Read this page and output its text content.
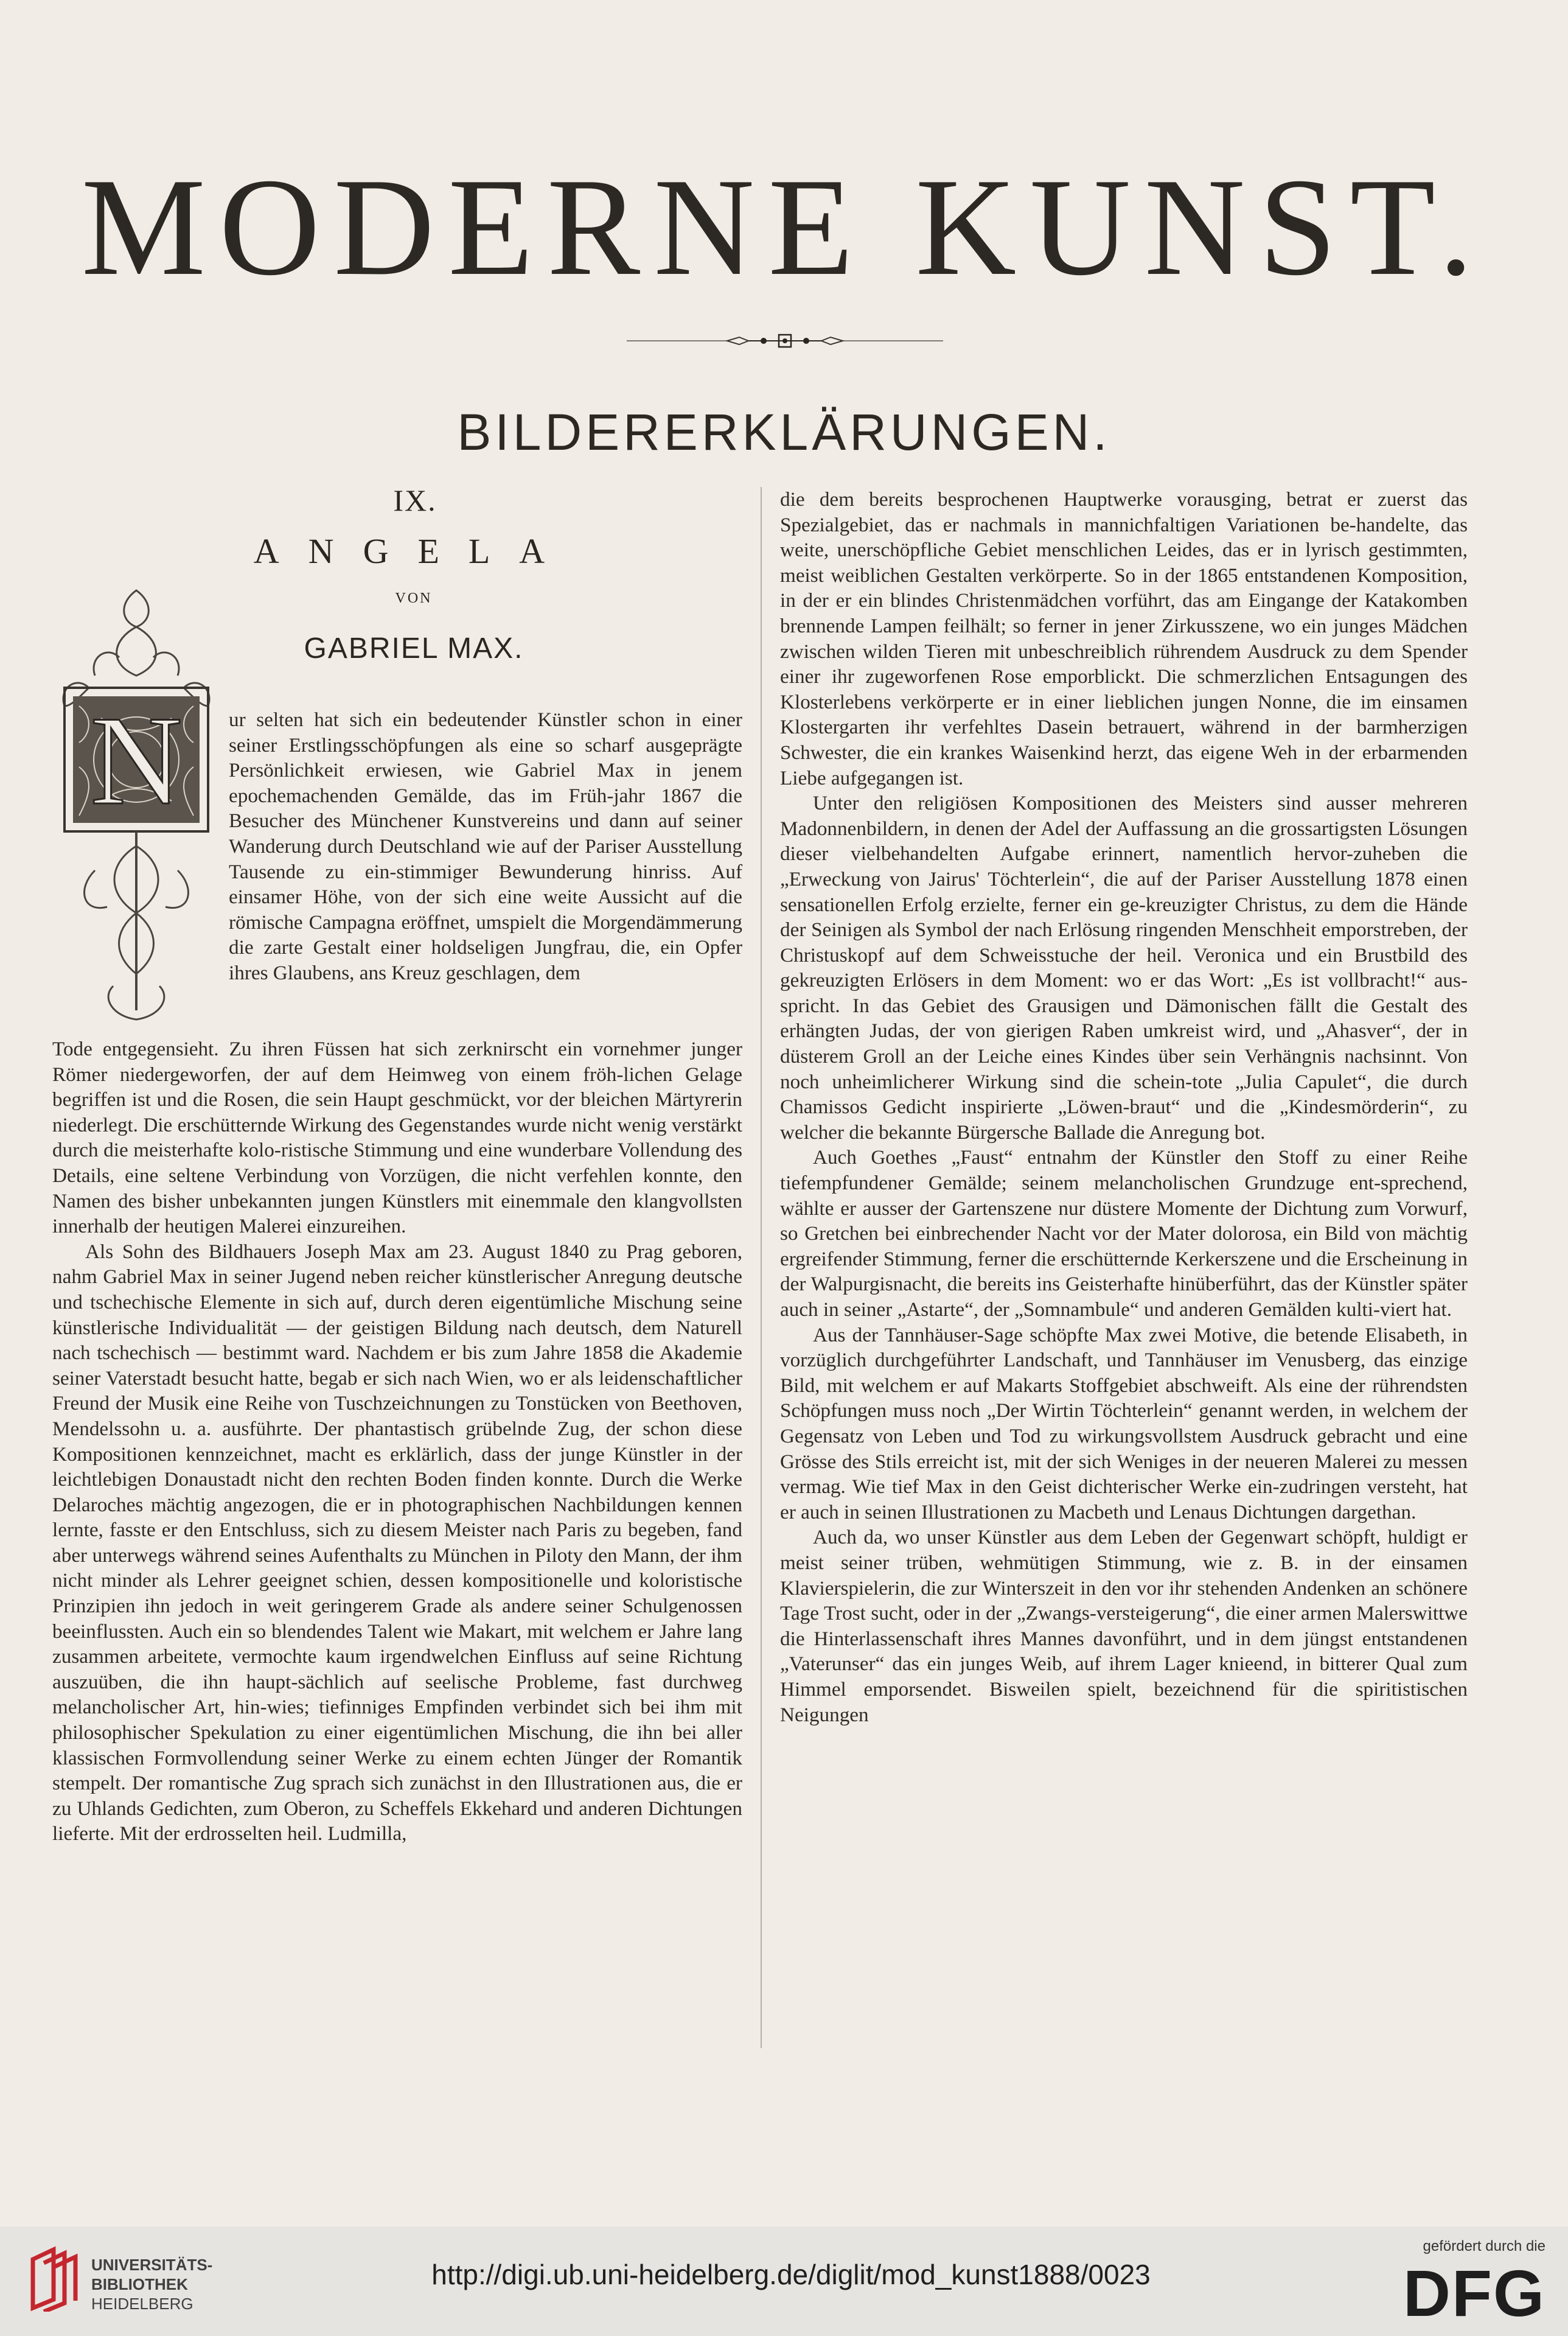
MODERNE KUNST.
BILDERERKLÄRUNGEN.
IX.
ANGELA
VON
GABRIEL MAX.
N ur selten hat sich ein bedeutender Künstler schon in einer seiner Erstlingsschöpfungen als eine so scharf ausgeprägte Persönlichkeit erwiesen, wie Gabriel Max in jenem epochemachenden Gemälde, das im Früh-jahr 1867 die Besucher des Münchener Kunstvereins und dann auf seiner Wanderung durch Deutschland wie auf der Pariser Ausstellung Tausende zu ein-stimmiger Bewunderung hinriss. Auf einsamer Höhe, von der sich eine weite Aussicht auf die römische Campagna eröffnet, umspielt die Morgendämmerung die zarte Gestalt einer holdseligen Jungfrau, die, ein Opfer ihres Glaubens, ans Kreuz geschlagen, dem

Tode entgegensieht. Zu ihren Füssen hat sich zerknirscht ein vornehmer junger Römer niedergeworfen, der auf dem Heimweg von einem fröh-lichen Gelage begriffen ist und die Rosen, die sein Haupt geschmückt, vor der bleichen Märtyrerin niederlegt. Die erschütternde Wirkung des Gegenstandes wurde nicht wenig verstärkt durch die meisterhafte kolo-ristische Stimmung und eine wunderbare Vollendung des Details, eine seltene Verbindung von Vorzügen, die nicht verfehlen konnte, den Namen des bisher unbekannten jungen Künstlers mit einemmale den klangvollsten innerhalb der heutigen Malerei einzureihen.

Als Sohn des Bildhauers Joseph Max am 23. August 1840 zu Prag geboren, nahm Gabriel Max in seiner Jugend neben reicher künstlerischer Anregung deutsche und tschechische Elemente in sich auf, durch deren eigentümliche Mischung seine künstlerische Individualität — der geistigen Bildung nach deutsch, dem Naturell nach tschechisch — bestimmt ward. Nachdem er bis zum Jahre 1858 die Akademie seiner Vaterstadt besucht hatte, begab er sich nach Wien, wo er als leidenschaftlicher Freund der Musik eine Reihe von Tuschzeichnungen zu Tonstücken von Beethoven, Mendelssohn u. a. ausführte. Der phantastisch grübelnde Zug, der schon diese Kompositionen kennzeichnet, macht es erklärlich, dass der junge Künstler in der leichtlebigen Donaustadt nicht den rechten Boden finden konnte. Durch die Werke Delaroches mächtig angezogen, die er in photographischen Nachbildungen kennen lernte, fasste er den Entschluss, sich zu diesem Meister nach Paris zu begeben, fand aber unterwegs während seines Aufenthalts zu München in Piloty den Mann, der ihm nicht minder als Lehrer geeignet schien, dessen kompositionelle und koloristische Prinzipien ihn jedoch in weit geringerem Grade als andere seiner Schulgenossen beeinflussten. Auch ein so blendendes Talent wie Makart, mit welchem er Jahre lang zusammen arbeitete, vermochte kaum irgendwelchen Einfluss auf seine Richtung auszuüben, die ihn haupt-sächlich auf seelische Probleme, fast durchweg melancholischer Art, hin-wies; tiefinniges Empfinden verbindet sich bei ihm mit philosophischer Spekulation zu einer eigentümlichen Mischung, die ihn bei aller klassischen Formvollendung seiner Werke zu einem echten Jünger der Romantik stempelt. Der romantische Zug sprach sich zunächst in den Illustrationen aus, die er zu Uhlands Gedichten, zum Oberon, zu Scheffels Ekkehard und anderen Dichtungen lieferte. Mit der erdrosselten heil. Ludmilla,

die dem bereits besprochenen Hauptwerke vorausging, betrat er zuerst das Spezialgebiet, das er nachmals in mannichfaltigen Variationen be-handelte, das weite, unerschöpfliche Gebiet menschlichen Leides, das er in lyrisch gestimmten, meist weiblichen Gestalten verkörperte. So in der 1865 entstandenen Komposition, in der er ein blindes Christenmädchen vorführt, das am Eingange der Katakomben brennende Lampen feilhält; so ferner in jener Zirkusszene, wo ein junges Mädchen zwischen wilden Tieren mit unbeschreiblich rührendem Ausdruck zu dem Spender einer ihr zugeworfenen Rose emporblickt. Die schmerzlichen Entsagungen des Klosterlebens verkörperte er in einer lieblichen jungen Nonne, die im einsamen Klostergarten ihr verfehltes Dasein betrauert, während in der barmherzigen Schwester, die ein krankes Waisenkind herzt, das eigene Weh in der erbarmenden Liebe aufgegangen ist.

Unter den religiösen Kompositionen des Meisters sind ausser mehreren Madonnenbildern, in denen der Adel der Auffassung an die grossartigsten Lösungen dieser vielbehandelten Aufgabe erinnert, namentlich hervor-zuheben die „Erweckung von Jairus' Töchterlein“, die auf der Pariser Ausstellung 1878 einen sensationellen Erfolg erzielte, ferner ein ge-kreuzigter Christus, zu dem die Hände der Seinigen als Symbol der nach Erlösung ringenden Menschheit emporstreben, der Christuskopf auf dem Schweisstuche der heil. Veronica und ein Brustbild des gekreuzigten Erlösers in dem Moment: wo er das Wort: „Es ist vollbracht!“ aus-spricht. In das Gebiet des Grausigen und Dämonischen fällt die Gestalt des erhängten Judas, der von gierigen Raben umkreist wird, und „Ahasver“, der in düsterem Groll an der Leiche eines Kindes über sein Verhängnis nachsinnt. Von noch unheimlicherer Wirkung sind die schein-tote „Julia Capulet“, die durch Chamissos Gedicht inspirierte „Löwen-braut“ und die „Kindesmörderin“, zu welcher die bekannte Bürgersche Ballade die Anregung bot.

Auch Goethes „Faust“ entnahm der Künstler den Stoff zu einer Reihe tiefempfundener Gemälde; seinem melancholischen Grundzuge ent-sprechend, wählte er ausser der Gartenszene nur düstere Momente der Dichtung zum Vorwurf, so Gretchen bei einbrechender Nacht vor der Mater dolorosa, ein Bild von mächtig ergreifender Stimmung, ferner die erschütternde Kerkerszene und die Erscheinung in der Walpurgisnacht, die bereits ins Geisterhafte hinüberführt, das der Künstler später auch in seiner „Astarte“, der „Somnambule“ und anderen Gemälden kulti-viert hat.

Aus der Tannhäuser-Sage schöpfte Max zwei Motive, die betende Elisabeth, in vorzüglich durchgeführter Landschaft, und Tannhäuser im Venusberg, das einzige Bild, mit welchem er auf Makarts Stoffgebiet abschweift. Als eine der rührendsten Schöpfungen muss noch „Der Wirtin Töchterlein“ genannt werden, in welchem der Gegensatz von Leben und Tod zu wirkungsvollstem Ausdruck gebracht und eine Grösse des Stils erreicht ist, mit der sich Weniges in der neueren Malerei zu messen vermag. Wie tief Max in den Geist dichterischer Werke ein-zudringen versteht, hat er auch in seinen Illustrationen zu Macbeth und Lenaus Dichtungen dargethan.

Auch da, wo unser Künstler aus dem Leben der Gegenwart schöpft, huldigt er meist seiner trüben, wehmütigen Stimmung, wie z. B. in der einsamen Klavierspielerin, die zur Winterszeit in den vor ihr stehenden Andenken an schönere Tage Trost sucht, oder in der „Zwangs-versteigerung“, die einer armen Malerswittwe die Hinterlassenschaft ihres Mannes davonführt, und in dem jüngst entstandenen „Vaterunser“ das ein junges Weib, auf ihrem Lager knieend, in bitterer Qual zum Himmel emporsendet. Bisweilen spielt, bezeichnend für die spiritistischen Neigungen

UNIVERSITÄTS-
BIBLIOTHEK
HEIDELBERG
http://digi.ub.uni-heidelberg.de/diglit/mod_kunst1888/0023
gefördert durch die
DFG
